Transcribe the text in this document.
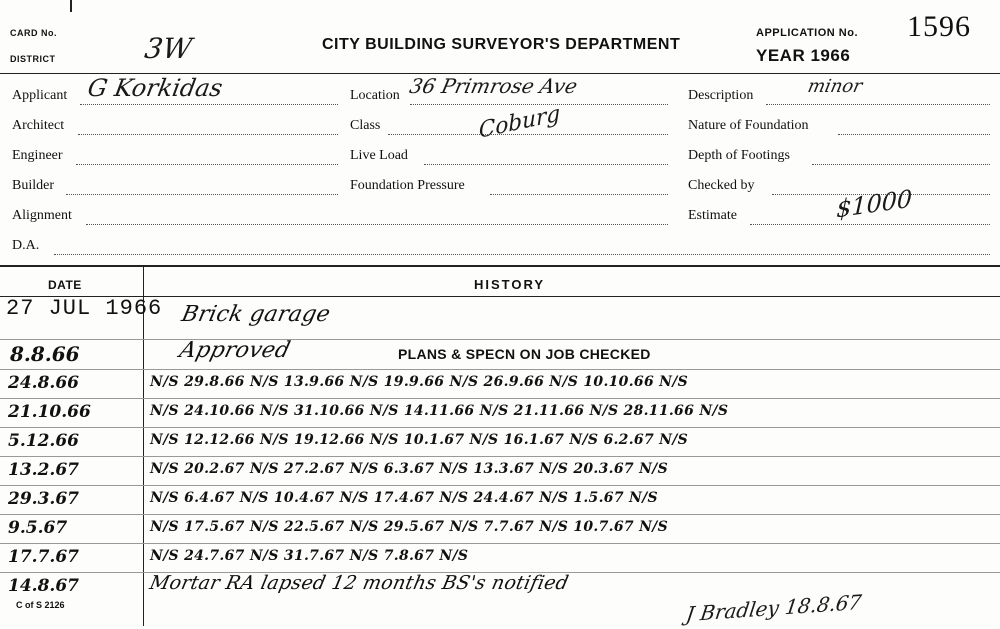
CARD No.
DISTRICT	3W	CITY BUILDING SURVEYOR'S DEPARTMENT
APPLICATION No. 1596
YEAR 1966
Applicant G Korkidas
Architect
Engineer
Builder
Alignment
D.A.
Location 36 Primrose Ave
Class	Coburg
Live Load
Foundation Pressure
Description	minor
Nature of Foundation
Depth of Footings
Checked by
Estimate	$1000
DATE	HISTORY
27 JUL 1966 Brick garage
8.8.66	Approved	PLANS & SPECN ON JOB CHECKED
24.8.66	N/S 29.8.66 N/S 13.9.66 N/S 19.9.66 N/S 26.9.66 N/S 10.10.66 N/S
21.10.66	N/S 24.10.66 N/S 31.10.66 N/S 14.11.66 N/S 21.11.66 N/S 28.11.66 N/S
5.12.66	N/S 12.12.66 N/S 19.12.66 N/S 10.1.67 N/S 16.1.67 N/S 6.2.67 N/S
13.2.67	N/S 20.2.67 N/S 27.2.67 N/S 6.3.67 N/S 13.3.67 N/S 20.3.67 N/S
29.3.67	N/S 6.4.67 N/S 10.4.67 N/S 17.4.67 N/S 24.4.67 N/S 1.5.67 N/S
9.5.67	N/S 17.5.67 N/S 22.5.67 N/S 29.5.67 N/S 7.7.67 N/S 10.7.67 N/S
17.7.67	N/S 24.7.67 N/S 31.7.67 N/S 7.8.67 N/S
14.8.67	Mortar RA lapsed 12 months BS's notified
C of S 2126	J Bradley 18.8.67
